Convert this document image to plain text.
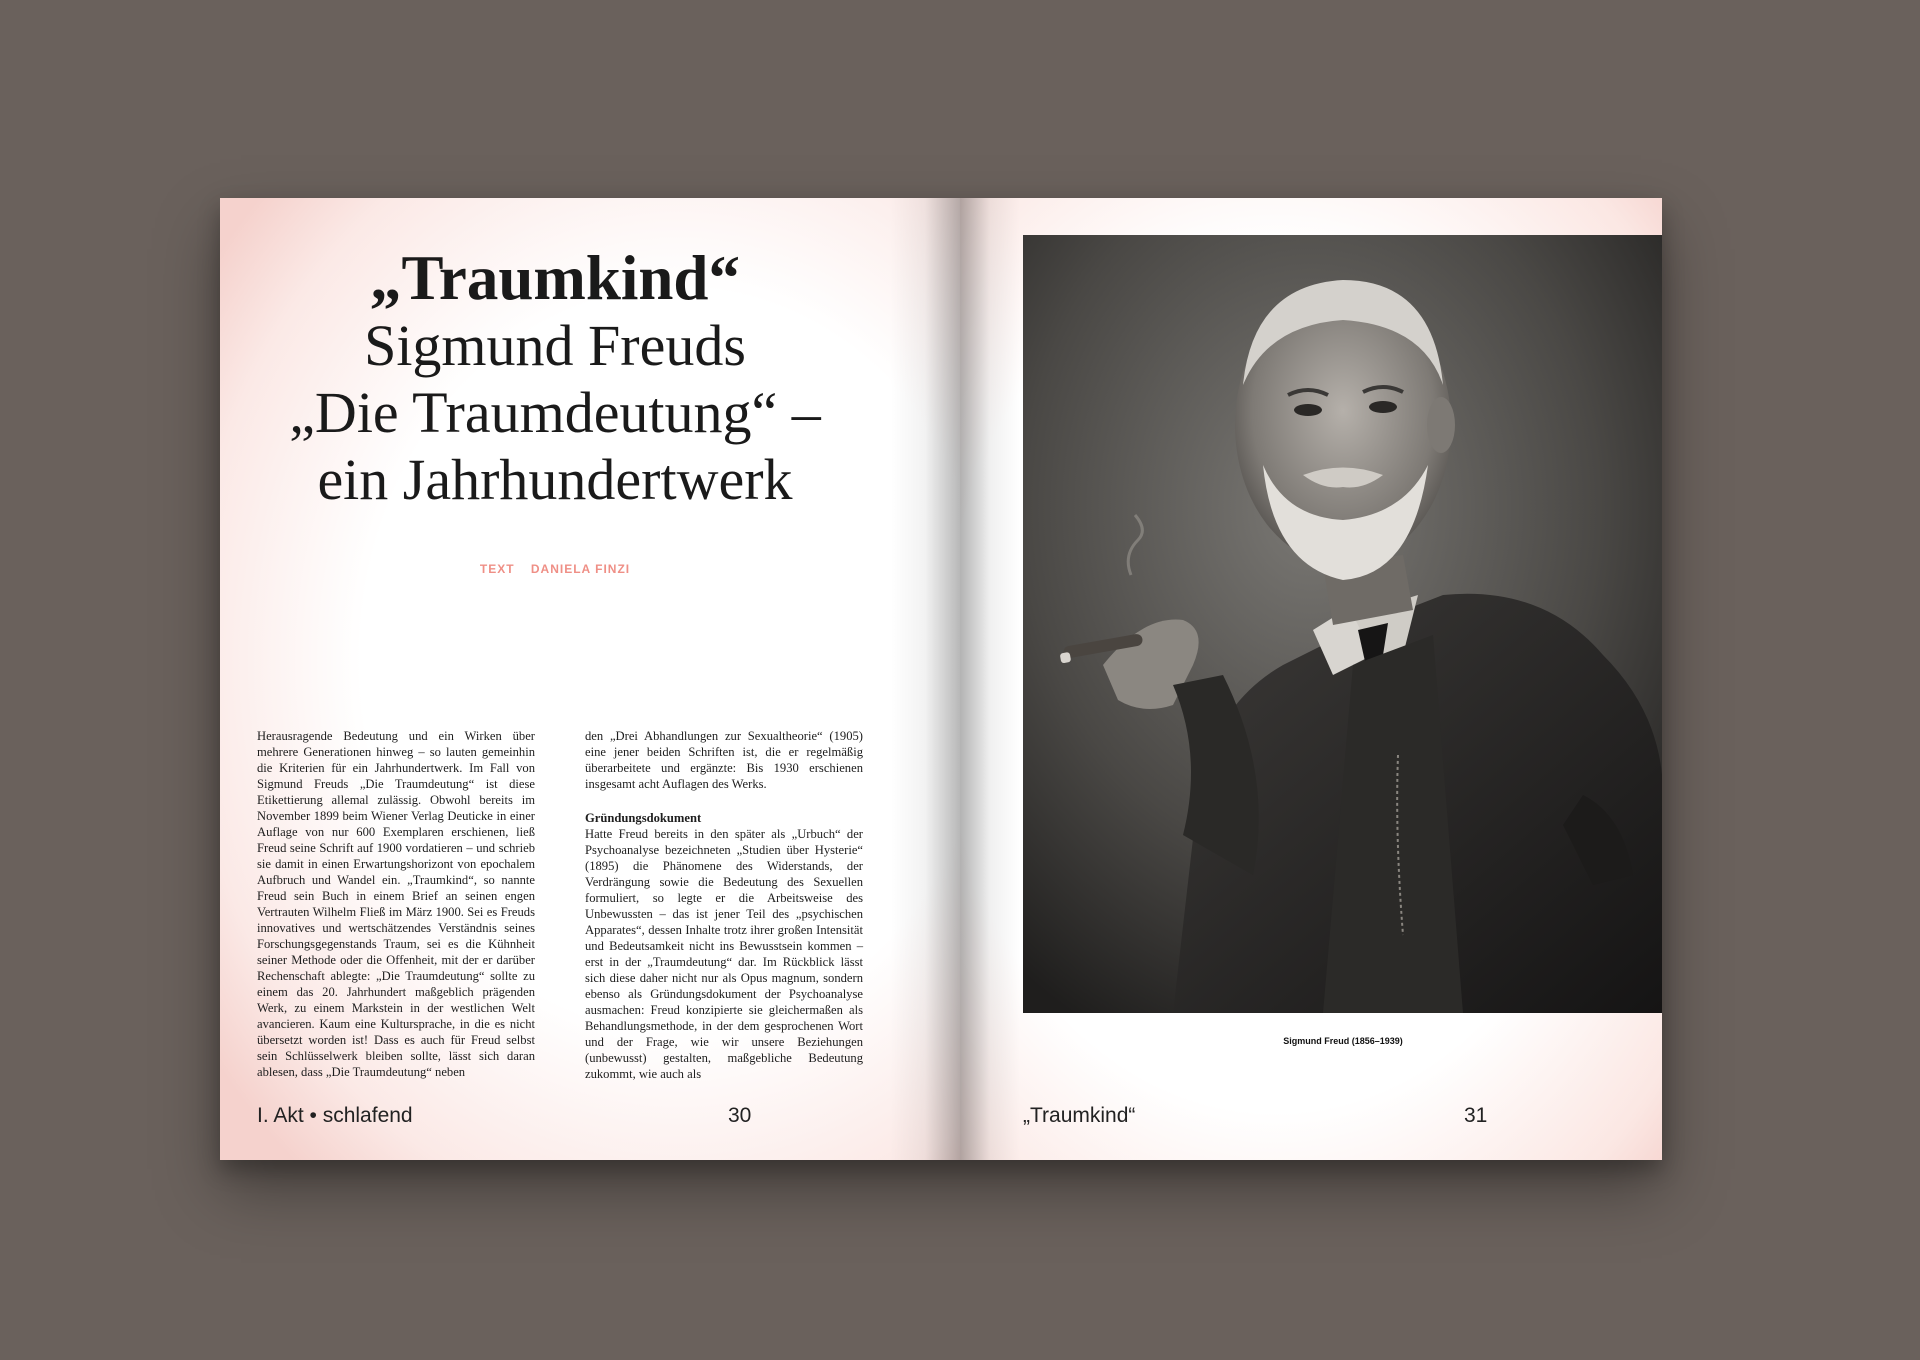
„Traumkind“

Sigmund Freuds

„Die Traumdeutung“ –

ein Jahrhundertwerk

TEXT DANIELA FINZI

Herausragende Bedeutung und ein Wirken über mehrere Generationen hinweg – so lauten gemeinhin die Kriterien für ein Jahrhundertwerk. Im Fall von Sigmund Freuds „Die Traumdeutung“ ist diese Etikettierung allemal zulässig. Obwohl bereits im November 1899 beim Wiener Verlag Deuticke in einer Auflage von nur 600 Exemplaren erschienen, ließ Freud seine Schrift auf 1900 vordatieren – und schrieb sie damit in einen Erwartungshorizont von epochalem Aufbruch und Wandel ein. „Traumkind“, so nannte Freud sein Buch in einem Brief an seinen engen Vertrauten Wilhelm Fließ im März 1900. Sei es Freuds innovatives und wertschätzendes Verständnis seines Forschungsgegenstands Traum, sei es die Kühnheit seiner Methode oder die Offenheit, mit der er darüber Rechenschaft ablegte: „Die Traumdeutung“ sollte zu einem das 20. Jahrhundert maßgeblich prägenden Werk, zu einem Markstein in der westlichen Welt avancieren. Kaum eine Kultursprache, in die es nicht übersetzt worden ist! Dass es auch für Freud selbst sein Schlüsselwerk bleiben sollte, lässt sich daran ablesen, dass „Die Traumdeutung“ neben

den „Drei Abhandlungen zur Sexualtheorie“ (1905) eine jener beiden Schriften ist, die er regelmäßig überarbeitete und ergänzte: Bis 1930 erschienen insgesamt acht Auflagen des Werks.

Gründungsdokument

Hatte Freud bereits in den später als „Urbuch“ der Psychoanalyse bezeichneten „Studien über Hysterie“ (1895) die Phänomene des Widerstands, der Verdrängung sowie die Bedeutung des Sexuellen formuliert, so legte er die Arbeitsweise des Unbewussten – das ist jener Teil des „psychischen Apparates“, dessen Inhalte trotz ihrer großen Intensität und Bedeutsamkeit nicht ins Bewusstsein kommen – erst in der „Traumdeutung“ dar. Im Rückblick lässt sich diese daher nicht nur als Opus magnum, sondern ebenso als Gründungsdokument der Psychoanalyse ausmachen: Freud konzipierte sie gleichermaßen als Behandlungsmethode, in der dem gesprochenen Wort und der Frage, wie wir unsere Beziehungen (unbewusst) gestalten, maßgebliche Bedeutung zukommt, wie auch als

I. Akt • schlafend	30
Sigmund Freud (1856–1939)
„Traumkind“	31
